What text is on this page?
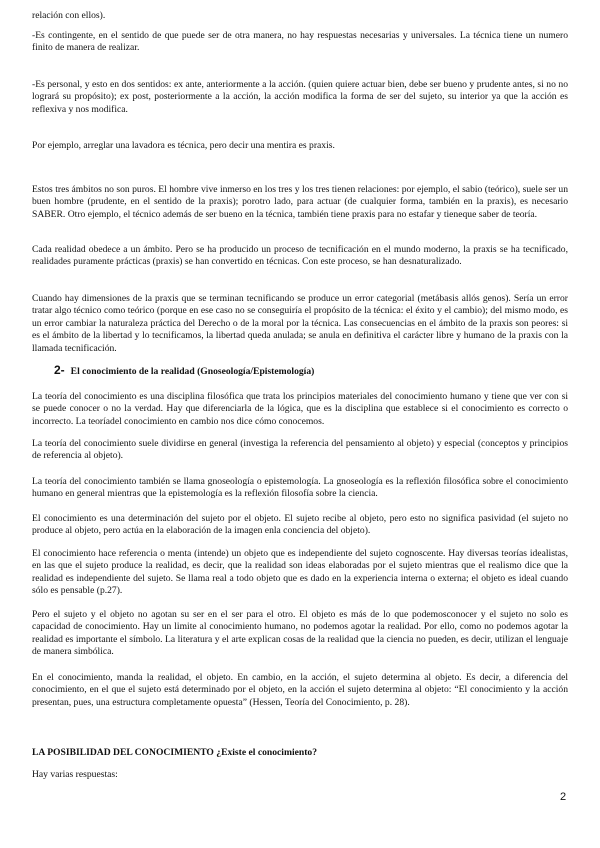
relación con ellos).

-Es contingente, en el sentido de que puede ser de otra manera, no hay respuestas necesarias y universales. La técnica tiene un numero finito de manera de realizar.

-Es personal, y esto en dos sentidos: ex ante, anteriormente a la acción. (quien quiere actuar bien, debe ser bueno y prudente antes, si no no logrará su propósito); ex post, posteriormente a la acción, la acción modifica la forma de ser del sujeto, su interior ya que la acción es reflexiva y nos modifica.

Por ejemplo, arreglar una lavadora es técnica, pero decir una mentira es praxis.

Estos tres ámbitos no son puros. El hombre vive inmerso en los tres y los tres tienen relaciones: por ejemplo, el sabio (teórico), suele ser un buen hombre (prudente, en el sentido de la praxis); porotro lado, para actuar (de cualquier forma, también en la praxis), es necesario SABER. Otro ejemplo, el técnico además de ser bueno en la técnica, también tiene praxis para no estafar y tieneque saber de teoría.

Cada realidad obedece a un ámbito. Pero se ha producido un proceso de tecnificación en el mundo moderno, la praxis se ha tecnificado, realidades puramente prácticas (praxis) se han convertido en técnicas. Con este proceso, se han desnaturalizado.

Cuando hay dimensiones de la praxis que se terminan tecnificando se produce un error categorial (metábasis allós genos). Sería un error tratar algo técnico como teórico (porque en ese caso no se conseguiría el propósito de la técnica: el éxito y el cambio); del mismo modo, es un error cambiar la naturaleza práctica del Derecho o de la moral por la técnica. Las consecuencias en el ámbito de la praxis son peores: si es el ámbito de la libertad y lo tecnificamos, la libertad queda anulada; se anula en definitiva el carácter libre y humano de la praxis con la llamada tecnificación.

2- El conocimiento de la realidad (Gnoseología/Epistemología)

La teoría del conocimiento es una disciplina filosófica que trata los principios materiales del conocimiento humano y tiene que ver con si se puede conocer o no la verdad. Hay que diferenciarla de la lógica, que es la disciplina que establece si el conocimiento es correcto o incorrecto. La teoríadel conocimiento en cambio nos dice cómo conocemos.

La teoría del conocimiento suele dividirse en general (investiga la referencia del pensamiento al objeto) y especial (conceptos y principios de referencia al objeto).

La teoría del conocimiento también se llama gnoseología o epistemología. La gnoseología es la reflexión filosófica sobre el conocimiento humano en general mientras que la epistemología es la reflexión filosofía sobre la ciencia.

El conocimiento es una determinación del sujeto por el objeto. El sujeto recibe al objeto, pero esto no significa pasividad (el sujeto no produce al objeto, pero actúa en la elaboración de la imagen enla conciencia del objeto).

El conocimiento hace referencia o menta (intende) un objeto que es independiente del sujeto cognoscente. Hay diversas teorías idealistas, en las que el sujeto produce la realidad, es decir, que la realidad son ideas elaboradas por el sujeto mientras que el realismo dice que la realidad es independiente del sujeto. Se llama real a todo objeto que es dado en la experiencia interna o externa; el objeto es ideal cuando sólo es pensable (p.27).

Pero el sujeto y el objeto no agotan su ser en el ser para el otro. El objeto es más de lo que podemosconocer y el sujeto no solo es capacidad de conocimiento. Hay un limite al conocimiento humano, no podemos agotar la realidad. Por ello, como no podemos agotar la realidad es importante el símbolo. La literatura y el arte explican cosas de la realidad que la ciencia no pueden, es decir, utilizan el lenguaje de manera simbólica.

En el conocimiento, manda la realidad, el objeto. En cambio, en la acción, el sujeto determina al objeto. Es decir, a diferencia del conocimiento, en el que el sujeto está determinado por el objeto, en la acción el sujeto determina al objeto: “El conocimiento y la acción presentan, pues, una estructura completamente opuesta” (Hessen, Teoría del Conocimiento, p. 28).

LA POSIBILIDAD DEL CONOCIMIENTO ¿Existe el conocimiento?

Hay varias respuestas:

2
